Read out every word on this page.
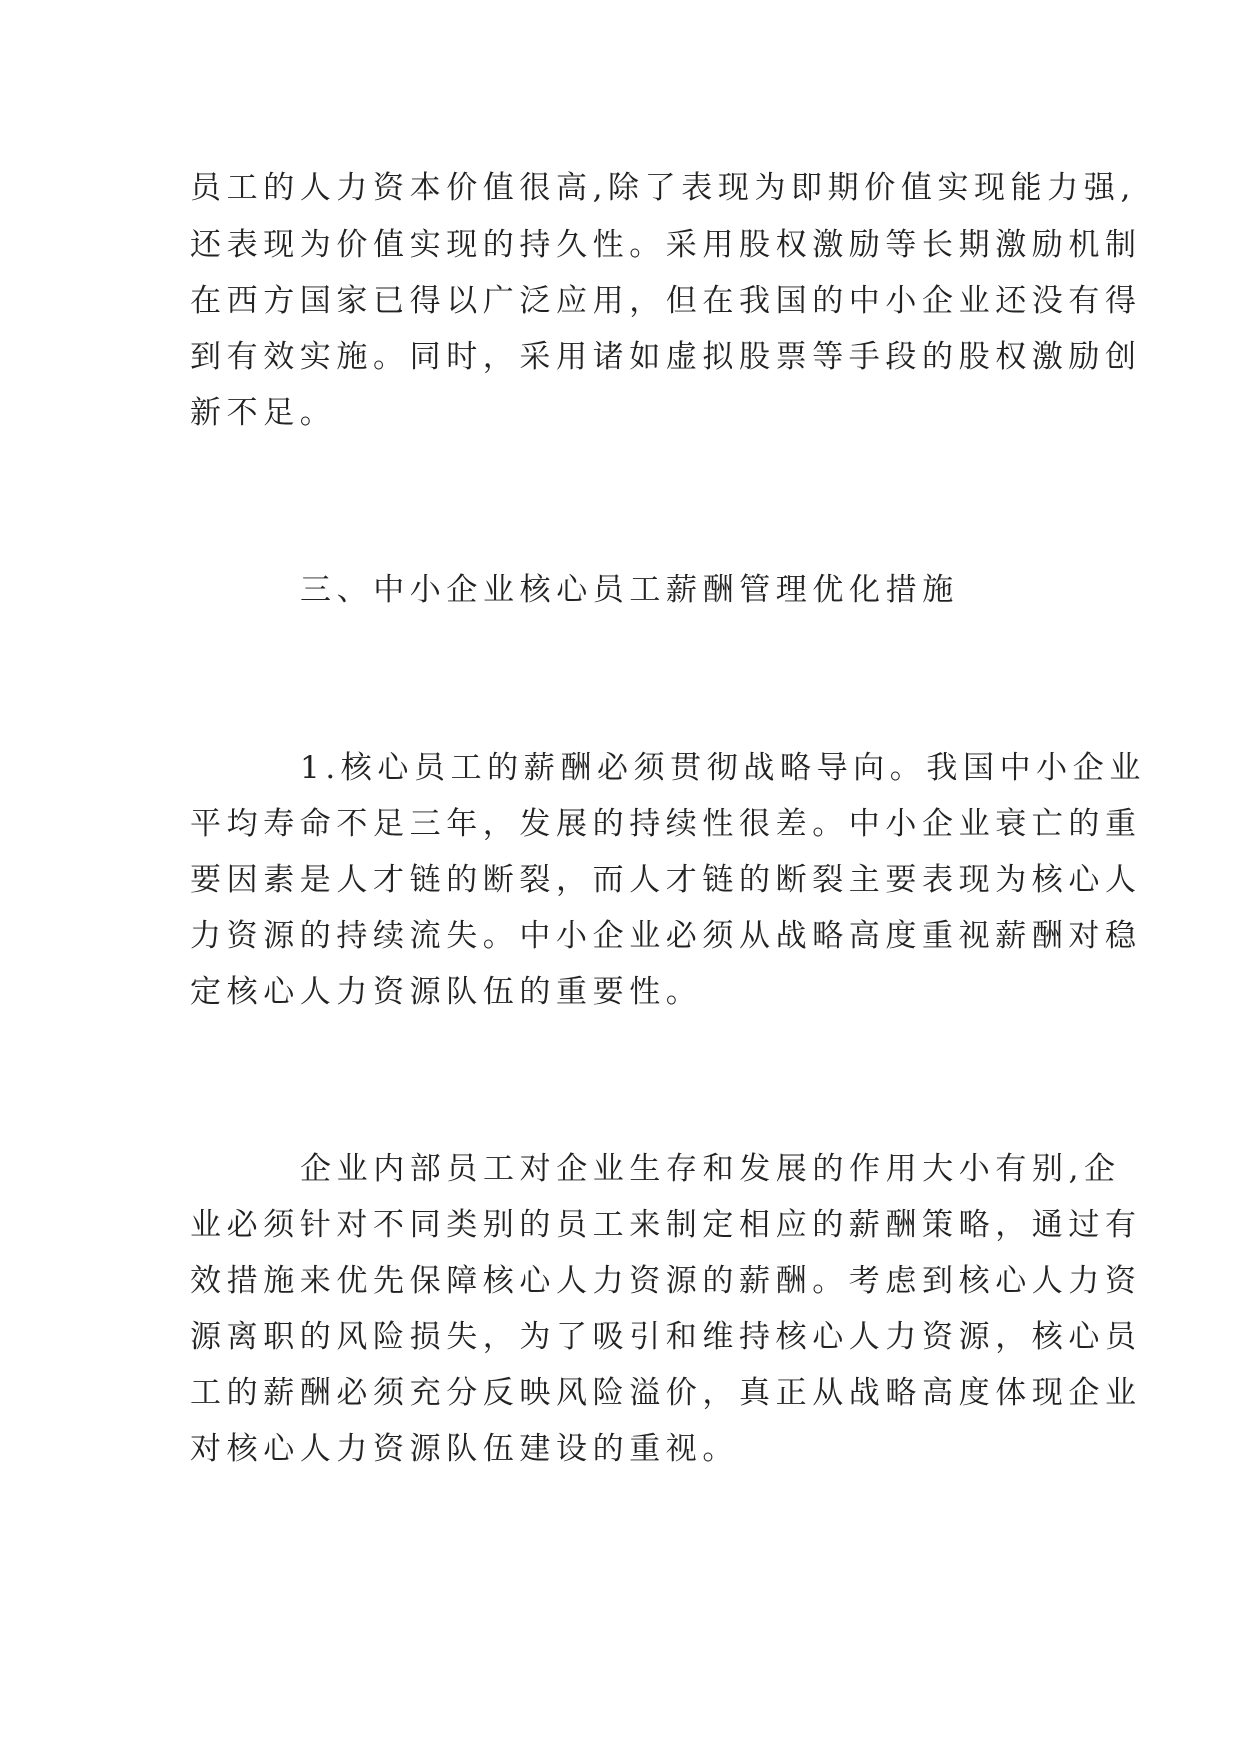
员工的人力资本价值很高,除了表现为即期价值实现能力强,
还表现为价值实现的持久性。采用股权激励等长期激励机制
在西方国家已得以广泛应用，但在我国的中小企业还没有得
到有效实施。同时，采用诸如虚拟股票等手段的股权激励创
新不足。
三、中小企业核心员工薪酬管理优化措施
1.核心员工的薪酬必须贯彻战略导向。我国中小企业
平均寿命不足三年，发展的持续性很差。中小企业衰亡的重
要因素是人才链的断裂，而人才链的断裂主要表现为核心人
力资源的持续流失。中小企业必须从战略高度重视薪酬对稳
定核心人力资源队伍的重要性。
企业内部员工对企业生存和发展的作用大小有别,企
业必须针对不同类别的员工来制定相应的薪酬策略，通过有
效措施来优先保障核心人力资源的薪酬。考虑到核心人力资
源离职的风险损失，为了吸引和维持核心人力资源，核心员
工的薪酬必须充分反映风险溢价，真正从战略高度体现企业
对核心人力资源队伍建设的重视。
